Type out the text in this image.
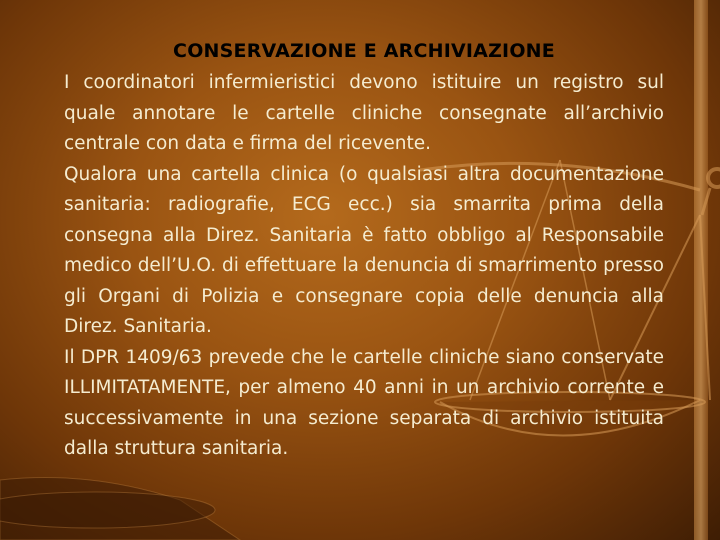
CONSERVAZIONE E ARCHIVIAZIONE

I coordinatori infermieristici devono istituire un registro sul quale annotare le cartelle cliniche consegnate all’archivio centrale con data e firma del ricevente.

Qualora una cartella clinica (o qualsiasi altra documentazione sanitaria: radiografie, ECG ecc.) sia smarrita prima della consegna alla Direz. Sanitaria è fatto obbligo al Responsabile medico dell’U.O. di effettuare la denuncia di smarrimento presso gli Organi di Polizia e consegnare copia delle denuncia alla Direz. Sanitaria.

Il DPR 1409/63 prevede che le cartelle cliniche siano conservate ILLIMITATAMENTE, per almeno 40 anni in un archivio corrente e successivamente in una sezione separata di archivio istituita dalla struttura sanitaria.
